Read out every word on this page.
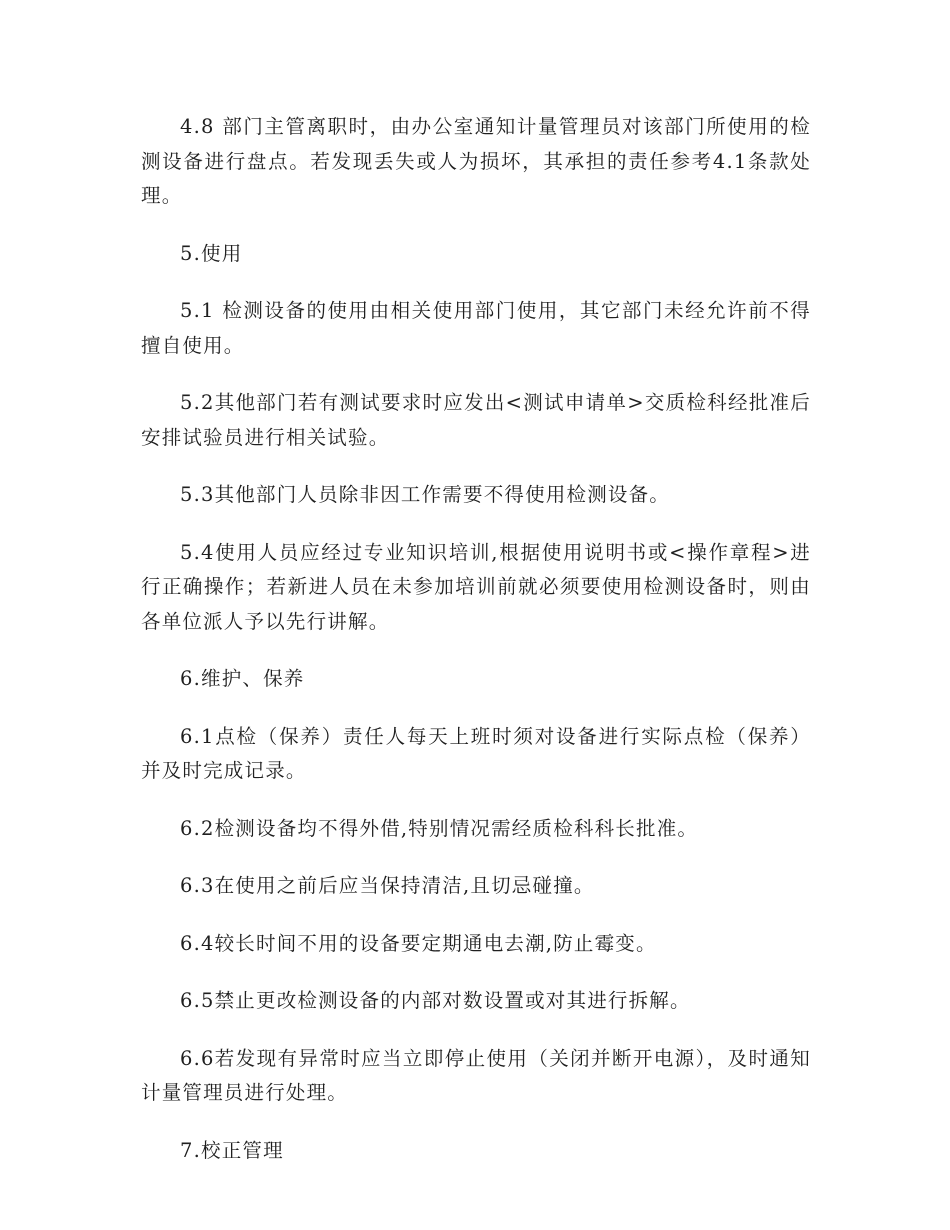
4.8 部门主管离职时，由办公室通知计量管理员对该部门所使用的检测设备进行盘点。若发现丢失或人为损坏，其承担的责任参考4.1条款处理。

5.使用

5.1 检测设备的使用由相关使用部门使用，其它部门未经允许前不得擅自使用。

5.2其他部门若有测试要求时应发出<测试申请单>交质检科经批准后安排试验员进行相关试验。

5.3其他部门人员除非因工作需要不得使用检测设备。

5.4使用人员应经过专业知识培训,根据使用说明书或<操作章程>进行正确操作；若新进人员在未参加培训前就必须要使用检测设备时，则由各单位派人予以先行讲解。

6.维护、保养

6.1点检（保养）责任人每天上班时须对设备进行实际点检（保养）并及时完成记录。

6.2检测设备均不得外借,特别情况需经质检科科长批准。

6.3在使用之前后应当保持清洁,且切忌碰撞。

6.4较长时间不用的设备要定期通电去潮,防止霉变。

6.5禁止更改检测设备的内部对数设置或对其进行拆解。

6.6若发现有异常时应当立即停止使用（关闭并断开电源），及时通知计量管理员进行处理。

7.校正管理
